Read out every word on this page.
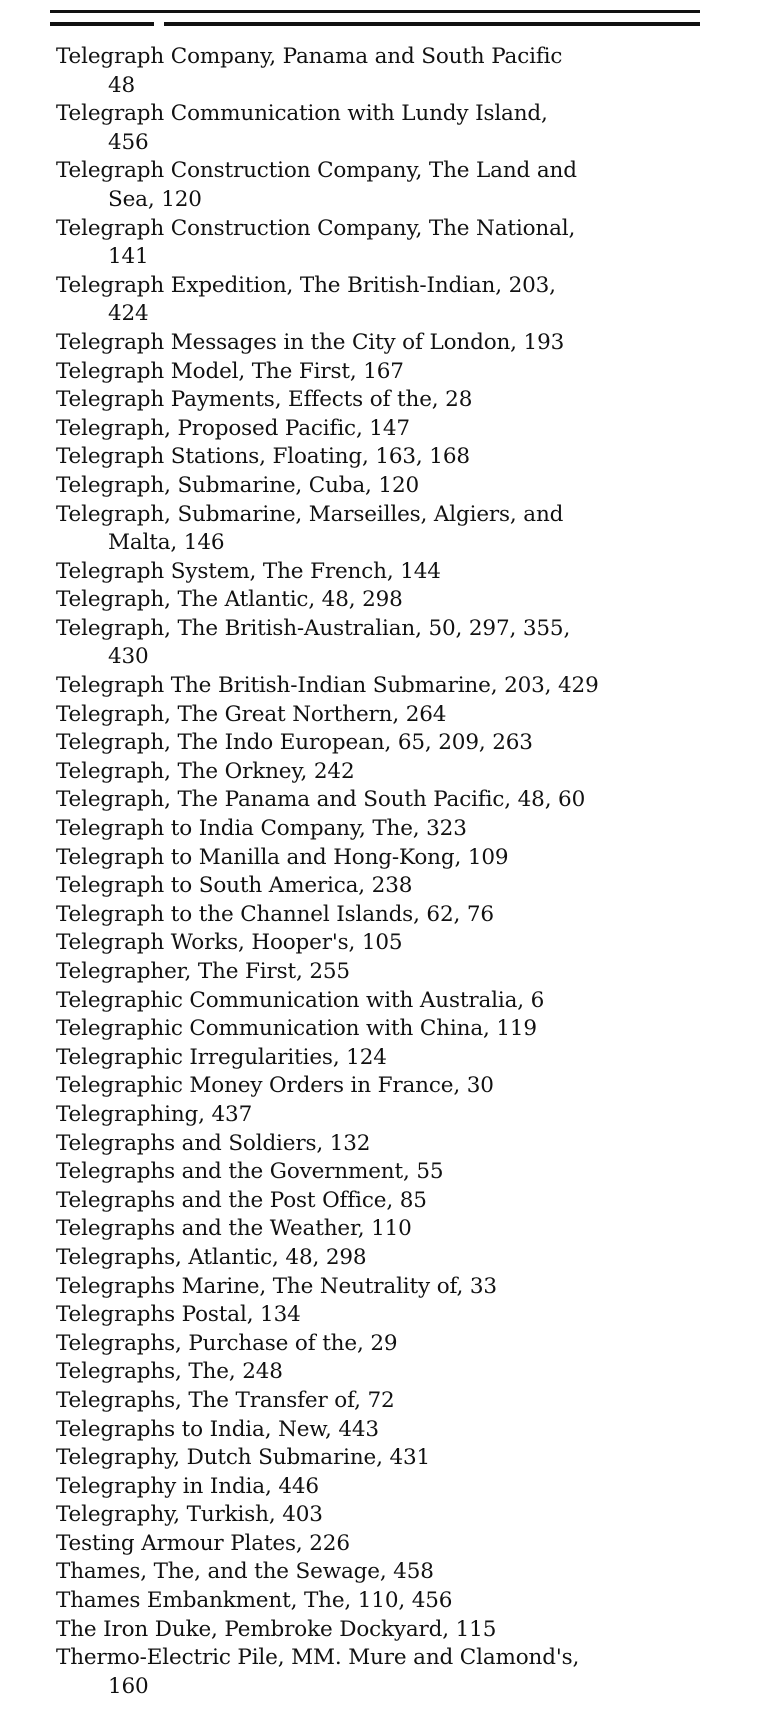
Telegraph Company, Panama and South Pacific
48
Telegraph Communication with Lundy Island,
456
Telegraph Construction Company, The Land and
Sea, 120
Telegraph Construction Company, The National,
141
Telegraph Expedition, The British-Indian, 203,
424
Telegraph Messages in the City of London, 193
Telegraph Model, The First, 167
Telegraph Payments, Effects of the, 28
Telegraph, Proposed Pacific, 147
Telegraph Stations, Floating, 163, 168
Telegraph, Submarine, Cuba, 120
Telegraph, Submarine, Marseilles, Algiers, and
Malta, 146
Telegraph System, The French, 144
Telegraph, The Atlantic, 48, 298
Telegraph, The British-Australian, 50, 297, 355,
430
Telegraph The British-Indian Submarine, 203, 429
Telegraph, The Great Northern, 264
Telegraph, The Indo European, 65, 209, 263
Telegraph, The Orkney, 242
Telegraph, The Panama and South Pacific, 48, 60
Telegraph to India Company, The, 323
Telegraph to Manilla and Hong-Kong, 109
Telegraph to South America, 238
Telegraph to the Channel Islands, 62, 76
Telegraph Works, Hooper's, 105
Telegrapher, The First, 255
Telegraphic Communication with Australia, 6
Telegraphic Communication with China, 119
Telegraphic Irregularities, 124
Telegraphic Money Orders in France, 30
Telegraphing, 437
Telegraphs and Soldiers, 132
Telegraphs and the Government, 55
Telegraphs and the Post Office, 85
Telegraphs and the Weather, 110
Telegraphs, Atlantic, 48, 298
Telegraphs Marine, The Neutrality of, 33
Telegraphs Postal, 134
Telegraphs, Purchase of the, 29
Telegraphs, The, 248
Telegraphs, The Transfer of, 72
Telegraphs to India, New, 443
Telegraphy, Dutch Submarine, 431
Telegraphy in India, 446
Telegraphy, Turkish, 403
Testing Armour Plates, 226
Thames, The, and the Sewage, 458
Thames Embankment, The, 110, 456
The Iron Duke, Pembroke Dockyard, 115
Thermo-Electric Pile, MM. Mure and Clamond's,
160
